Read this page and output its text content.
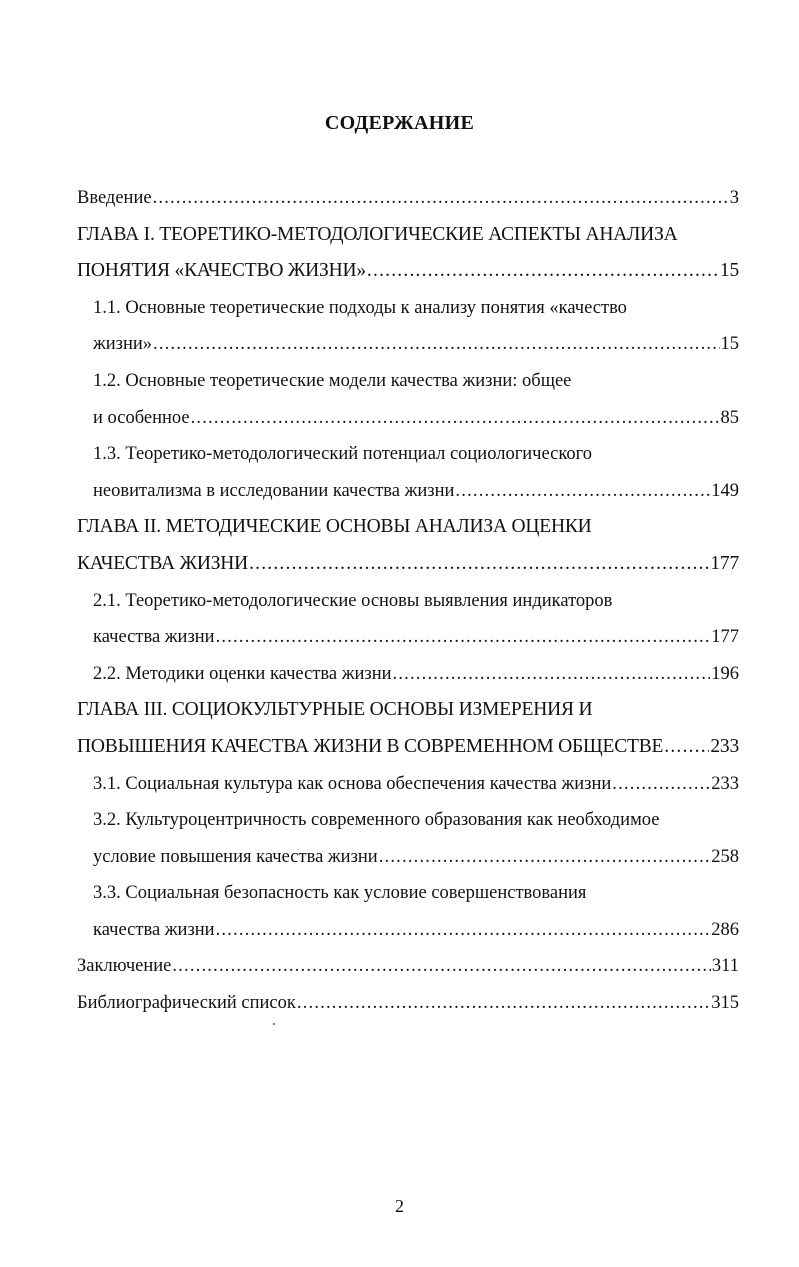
СОДЕРЖАНИЕ
Введение .....	3
ГЛАВА I. ТЕОРЕТИКО-МЕТОДОЛОГИЧЕСКИЕ АСПЕКТЫ АНАЛИЗА
ПОНЯТИЯ «КАЧЕСТВО ЖИЗНИ» .....	15
1.1. Основные теоретические подходы к анализу понятия «качество
жизни» .....	15
1.2. Основные теоретические модели качества жизни: общее
и особенное .....	85
1.3. Теоретико-методологический потенциал социологического
неовитализма в исследовании качества жизни .....	149
ГЛАВА II. МЕТОДИЧЕСКИЕ ОСНОВЫ АНАЛИЗА ОЦЕНКИ
КАЧЕСТВА ЖИЗНИ .....	177
2.1. Теоретико-методологические основы выявления индикаторов
качества жизни .....	177
2.2. Методики оценки качества жизни .....	196
ГЛАВА III. СОЦИОКУЛЬТУРНЫЕ ОСНОВЫ ИЗМЕРЕНИЯ И
ПОВЫШЕНИЯ КАЧЕСТВА ЖИЗНИ В СОВРЕМЕННОМ ОБЩЕСТВЕ ..... 233
3.1. Социальная культура как основа обеспечения качества жизни .....	233
3.2. Культуроцентричность современного образования как необходимое
условие повышения качества жизни .....	258
3.3. Социальная безопасность как условие совершенствования
качества жизни .....	286
Заключение .....	311
Библиографический список .....	315
2
